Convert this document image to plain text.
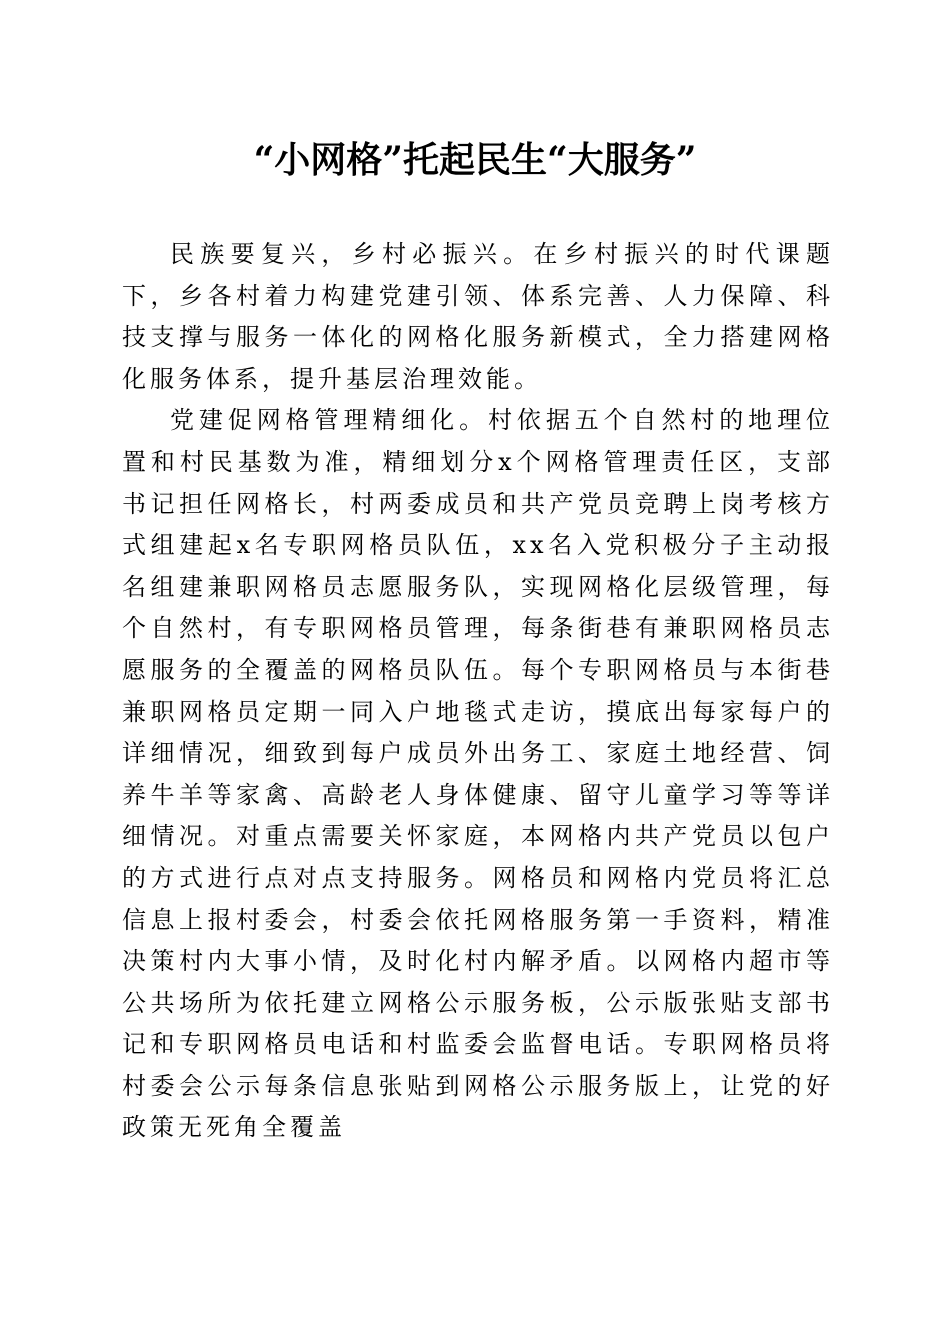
“小网格”托起民生“大服务”

民族要复兴，乡村必振兴。在乡村振兴的时代课题下，乡各村着力构建党建引领、体系完善、人力保障、科技支撑与服务一体化的网格化服务新模式，全力搭建网格化服务体系，提升基层治理效能。

党建促网格管理精细化。村依据五个自然村的地理位置和村民基数为准，精细划分x个网格管理责任区，支部书记担任网格长，村两委成员和共产党员竞聘上岗考核方式组建起x名专职网格员队伍，xx名入党积极分子主动报名组建兼职网格员志愿服务队，实现网格化层级管理，每个自然村，有专职网格员管理，每条街巷有兼职网格员志愿服务的全覆盖的网格员队伍。每个专职网格员与本街巷兼职网格员定期一同入户地毯式走访，摸底出每家每户的详细情况，细致到每户成员外出务工、家庭土地经营、饲养牛羊等家禽、高龄老人身体健康、留守儿童学习等等详细情况。对重点需要关怀家庭，本网格内共产党员以包户的方式进行点对点支持服务。网格员和网格内党员将汇总信息上报村委会，村委会依托网格服务第一手资料，精准决策村内大事小情，及时化村内解矛盾。以网格内超市等公共场所为依托建立网格公示服务板，公示版张贴支部书记和专职网格员电话和村监委会监督电话。专职网格员将村委会公示每条信息张贴到网格公示服务版上，让党的好政策无死角全覆盖
